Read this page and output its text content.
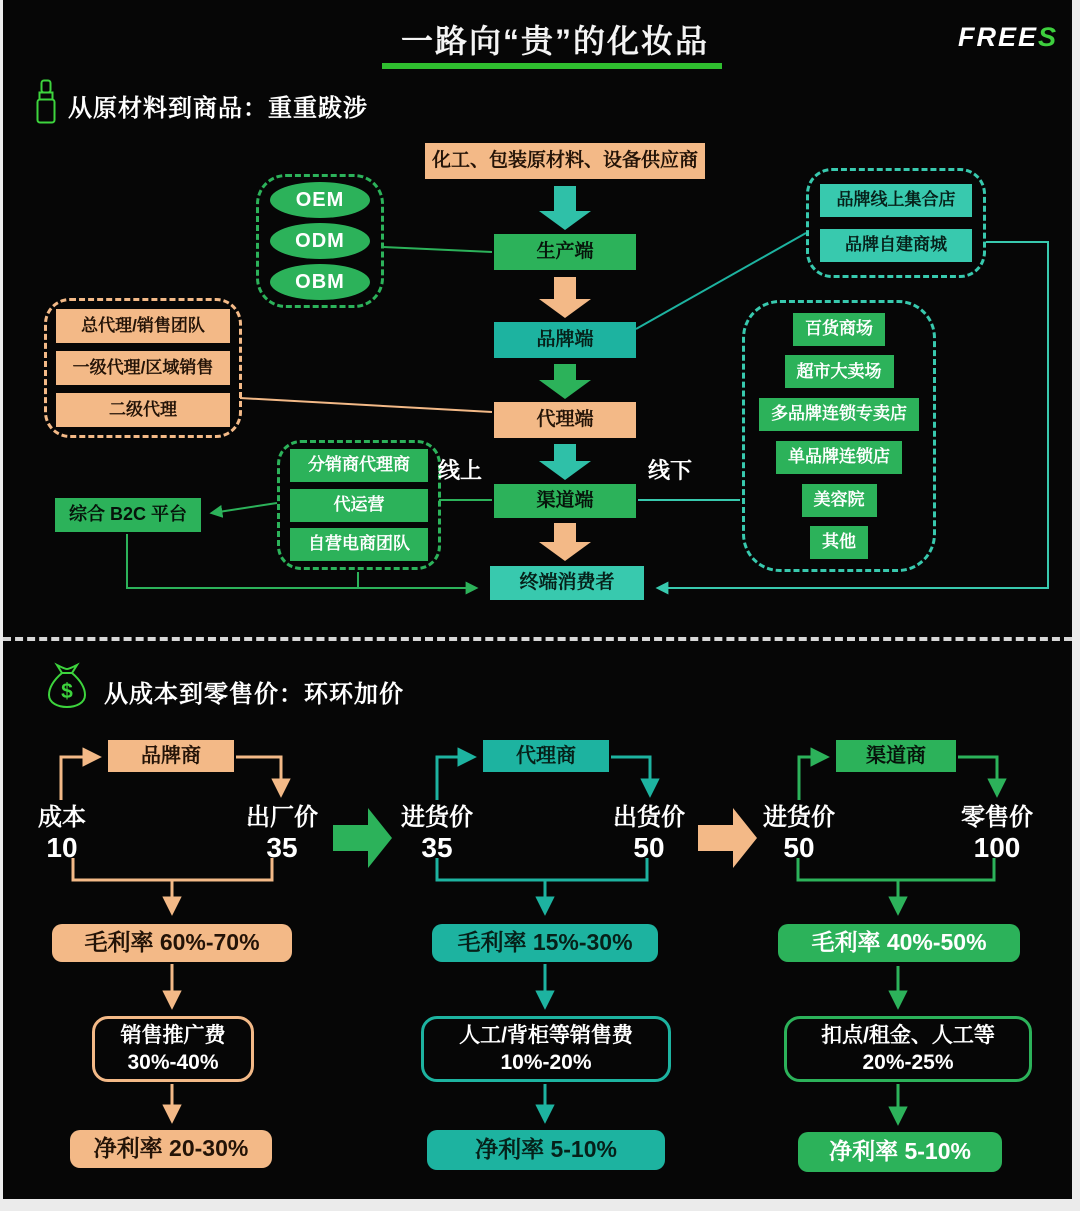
一路向“贵”的化妆品	FREES
从原材料到商品：重重跋涉
化工、包装原材料、设备供应商
OEM
ODM
OBM
生产端
品牌端
代理端
渠道端
终端消费者
总代理/销售团队
一级代理/区域销售
二级代理
分销商代理商
代运营
自营电商团队
综合 B2C 平台
品牌线上集合店
品牌自建商城
百货商场
超市大卖场
多品牌连锁专卖店
单品牌连锁店
美容院
其他
线上	线下
$ 从成本到零售价：环环加价
品牌商
成本
10
出厂价
35
毛利率 60%-70%
销售推广费
30%-40%
净利率 20-30%
代理商
进货价
35
出货价
50
毛利率 15%-30%
人工/背柜等销售费
10%-20%
净利率 5-10%
渠道商
进货价
50
零售价
100
毛利率 40%-50%
扣点/租金、人工等
20%-25%
净利率 5-10%
